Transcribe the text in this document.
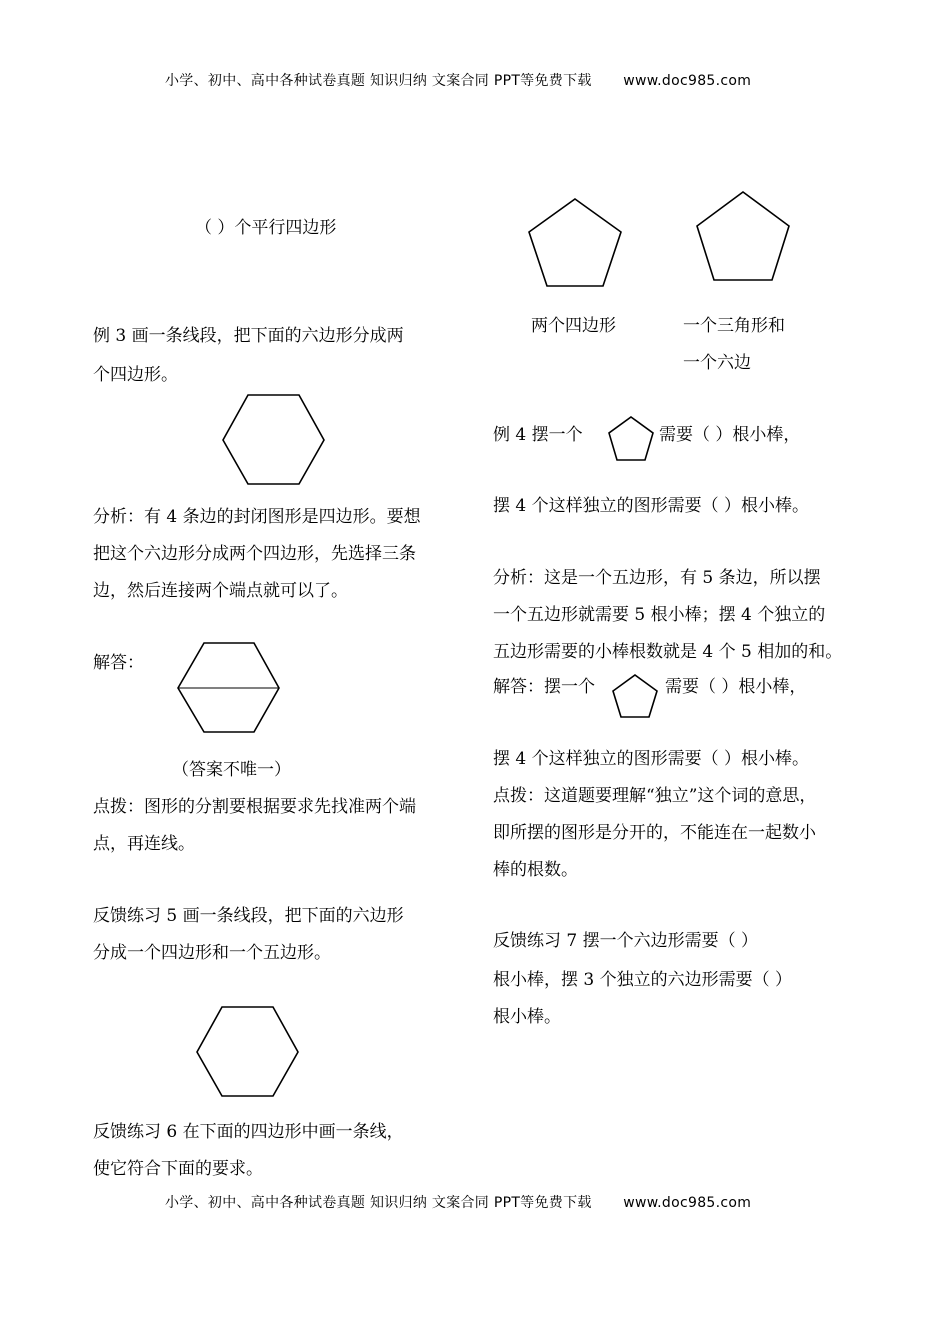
小学、初中、高中各种试卷真题 知识归纳 文案合同 PPT等免费下载 www.doc985.com
（ ）个平行四边形
例 3 画一条线段，把下面的六边形分成两
个四边形。
分析：有 4 条边的封闭图形是四边形。要想
把这个六边形分成两个四边形，先选择三条
边，然后连接两个端点就可以了。
解答：
（答案不唯一）
点拨：图形的分割要根据要求先找准两个端
点，再连线。
反馈练习 5 画一条线段，把下面的六边形
分成一个四边形和一个五边形。
反馈练习 6 在下面的四边形中画一条线，
使它符合下面的要求。
两个四边形	一个三角形和
一个六边
例 4 摆一个	需要（ ）根小棒，
摆 4 个这样独立的图形需要（ ）根小棒。
分析：这是一个五边形，有 5 条边，所以摆
一个五边形就需要 5 根小棒；摆 4 个独立的
五边形需要的小棒根数就是 4 个 5 相加的和。
解答：摆一个	需要（ ）根小棒，
摆 4 个这样独立的图形需要（ ）根小棒。
点拨：这道题要理解“独立”这个词的意思，
即所摆的图形是分开的，不能连在一起数小
棒的根数。
反馈练习 7 摆一个六边形需要（ ）
根小棒，摆 3 个独立的六边形需要（ ）
根小棒。
小学、初中、高中各种试卷真题 知识归纳 文案合同 PPT等免费下载 www.doc985.com
